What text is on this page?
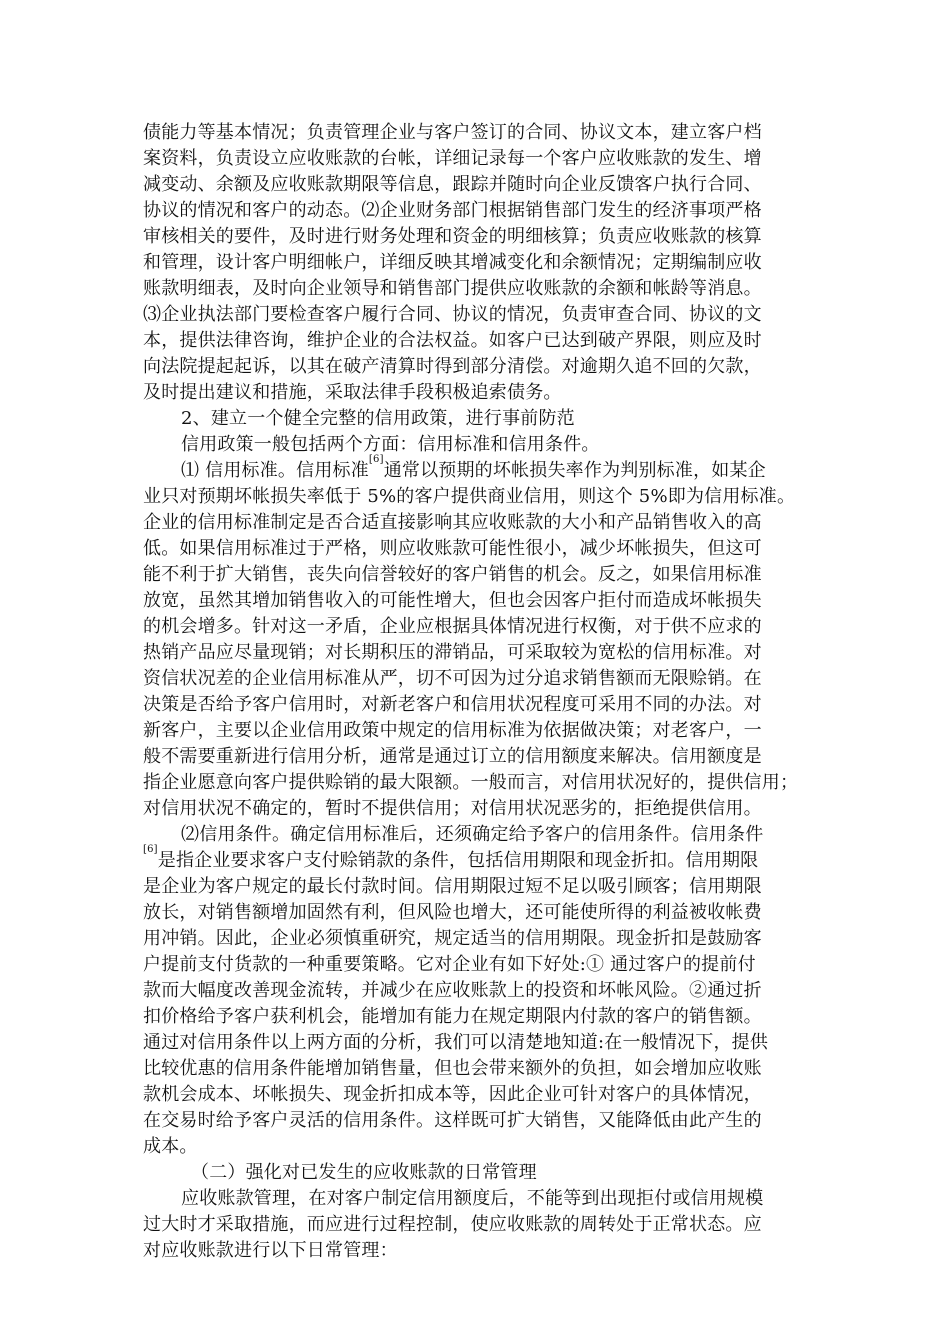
债能力等基本情况；负责管理企业与客户签订的合同、协议文本，建立客户档
案资料，负责设立应收账款的台帐，详细记录每一个客户应收账款的发生、增
减变动、余额及应收账款期限等信息，跟踪并随时向企业反馈客户执行合同、
协议的情况和客户的动态。⑵企业财务部门根据销售部门发生的经济事项严格
审核相关的要件，及时进行财务处理和资金的明细核算；负责应收账款的核算
和管理，设计客户明细帐户，详细反映其增减变化和余额情况；定期编制应收
账款明细表，及时向企业领导和销售部门提供应收账款的余额和帐龄等消息。
⑶企业执法部门要检查客户履行合同、协议的情况，负责审查合同、协议的文
本，提供法律咨询，维护企业的合法权益。如客户已达到破产界限，则应及时
向法院提起起诉，以其在破产清算时得到部分清偿。对逾期久追不回的欠款，
及时提出建议和措施，采取法律手段积极追索债务。
2、建立一个健全完整的信用政策，进行事前防范
信用政策一般包括两个方面：信用标准和信用条件。
⑴ 信用标准。信用标准[6]通常以预期的坏帐损失率作为判别标准，如某企
业只对预期坏帐损失率低于 5%的客户提供商业信用，则这个 5%即为信用标准。
企业的信用标准制定是否合适直接影响其应收账款的大小和产品销售收入的高
低。如果信用标准过于严格，则应收账款可能性很小，减少坏帐损失，但这可
能不利于扩大销售，丧失向信誉较好的客户销售的机会。反之，如果信用标准
放宽，虽然其增加销售收入的可能性增大，但也会因客户拒付而造成坏帐损失
的机会增多。针对这一矛盾，企业应根据具体情况进行权衡，对于供不应求的
热销产品应尽量现销；对长期积压的滞销品，可采取较为宽松的信用标准。对
资信状况差的企业信用标准从严，切不可因为过分追求销售额而无限赊销。在
决策是否给予客户信用时，对新老客户和信用状况程度可采用不同的办法。对
新客户，主要以企业信用政策中规定的信用标准为依据做决策；对老客户，一
般不需要重新进行信用分析，通常是通过订立的信用额度来解决。信用额度是
指企业愿意向客户提供赊销的最大限额。一般而言，对信用状况好的，提供信用；
对信用状况不确定的，暂时不提供信用；对信用状况恶劣的，拒绝提供信用。
⑵信用条件。确定信用标准后，还须确定给予客户的信用条件。信用条件
[6]是指企业要求客户支付赊销款的条件，包括信用期限和现金折扣。信用期限
是企业为客户规定的最长付款时间。信用期限过短不足以吸引顾客；信用期限
放长，对销售额增加固然有利，但风险也增大，还可能使所得的利益被收帐费
用冲销。因此，企业必须慎重研究，规定适当的信用期限。现金折扣是鼓励客
户提前支付货款的一种重要策略。它对企业有如下好处:① 通过客户的提前付
款而大幅度改善现金流转，并减少在应收账款上的投资和坏帐风险。②通过折
扣价格给予客户获利机会，能增加有能力在规定期限内付款的客户的销售额。
通过对信用条件以上两方面的分析，我们可以清楚地知道:在一般情况下，提供
比较优惠的信用条件能增加销售量，但也会带来额外的负担，如会增加应收账
款机会成本、坏帐损失、现金折扣成本等，因此企业可针对客户的具体情况，
在交易时给予客户灵活的信用条件。这样既可扩大销售，又能降低由此产生的
成本。
（二）强化对已发生的应收账款的日常管理
应收账款管理，在对客户制定信用额度后，不能等到出现拒付或信用规模
过大时才采取措施，而应进行过程控制，使应收账款的周转处于正常状态。应
对应收账款进行以下日常管理：
